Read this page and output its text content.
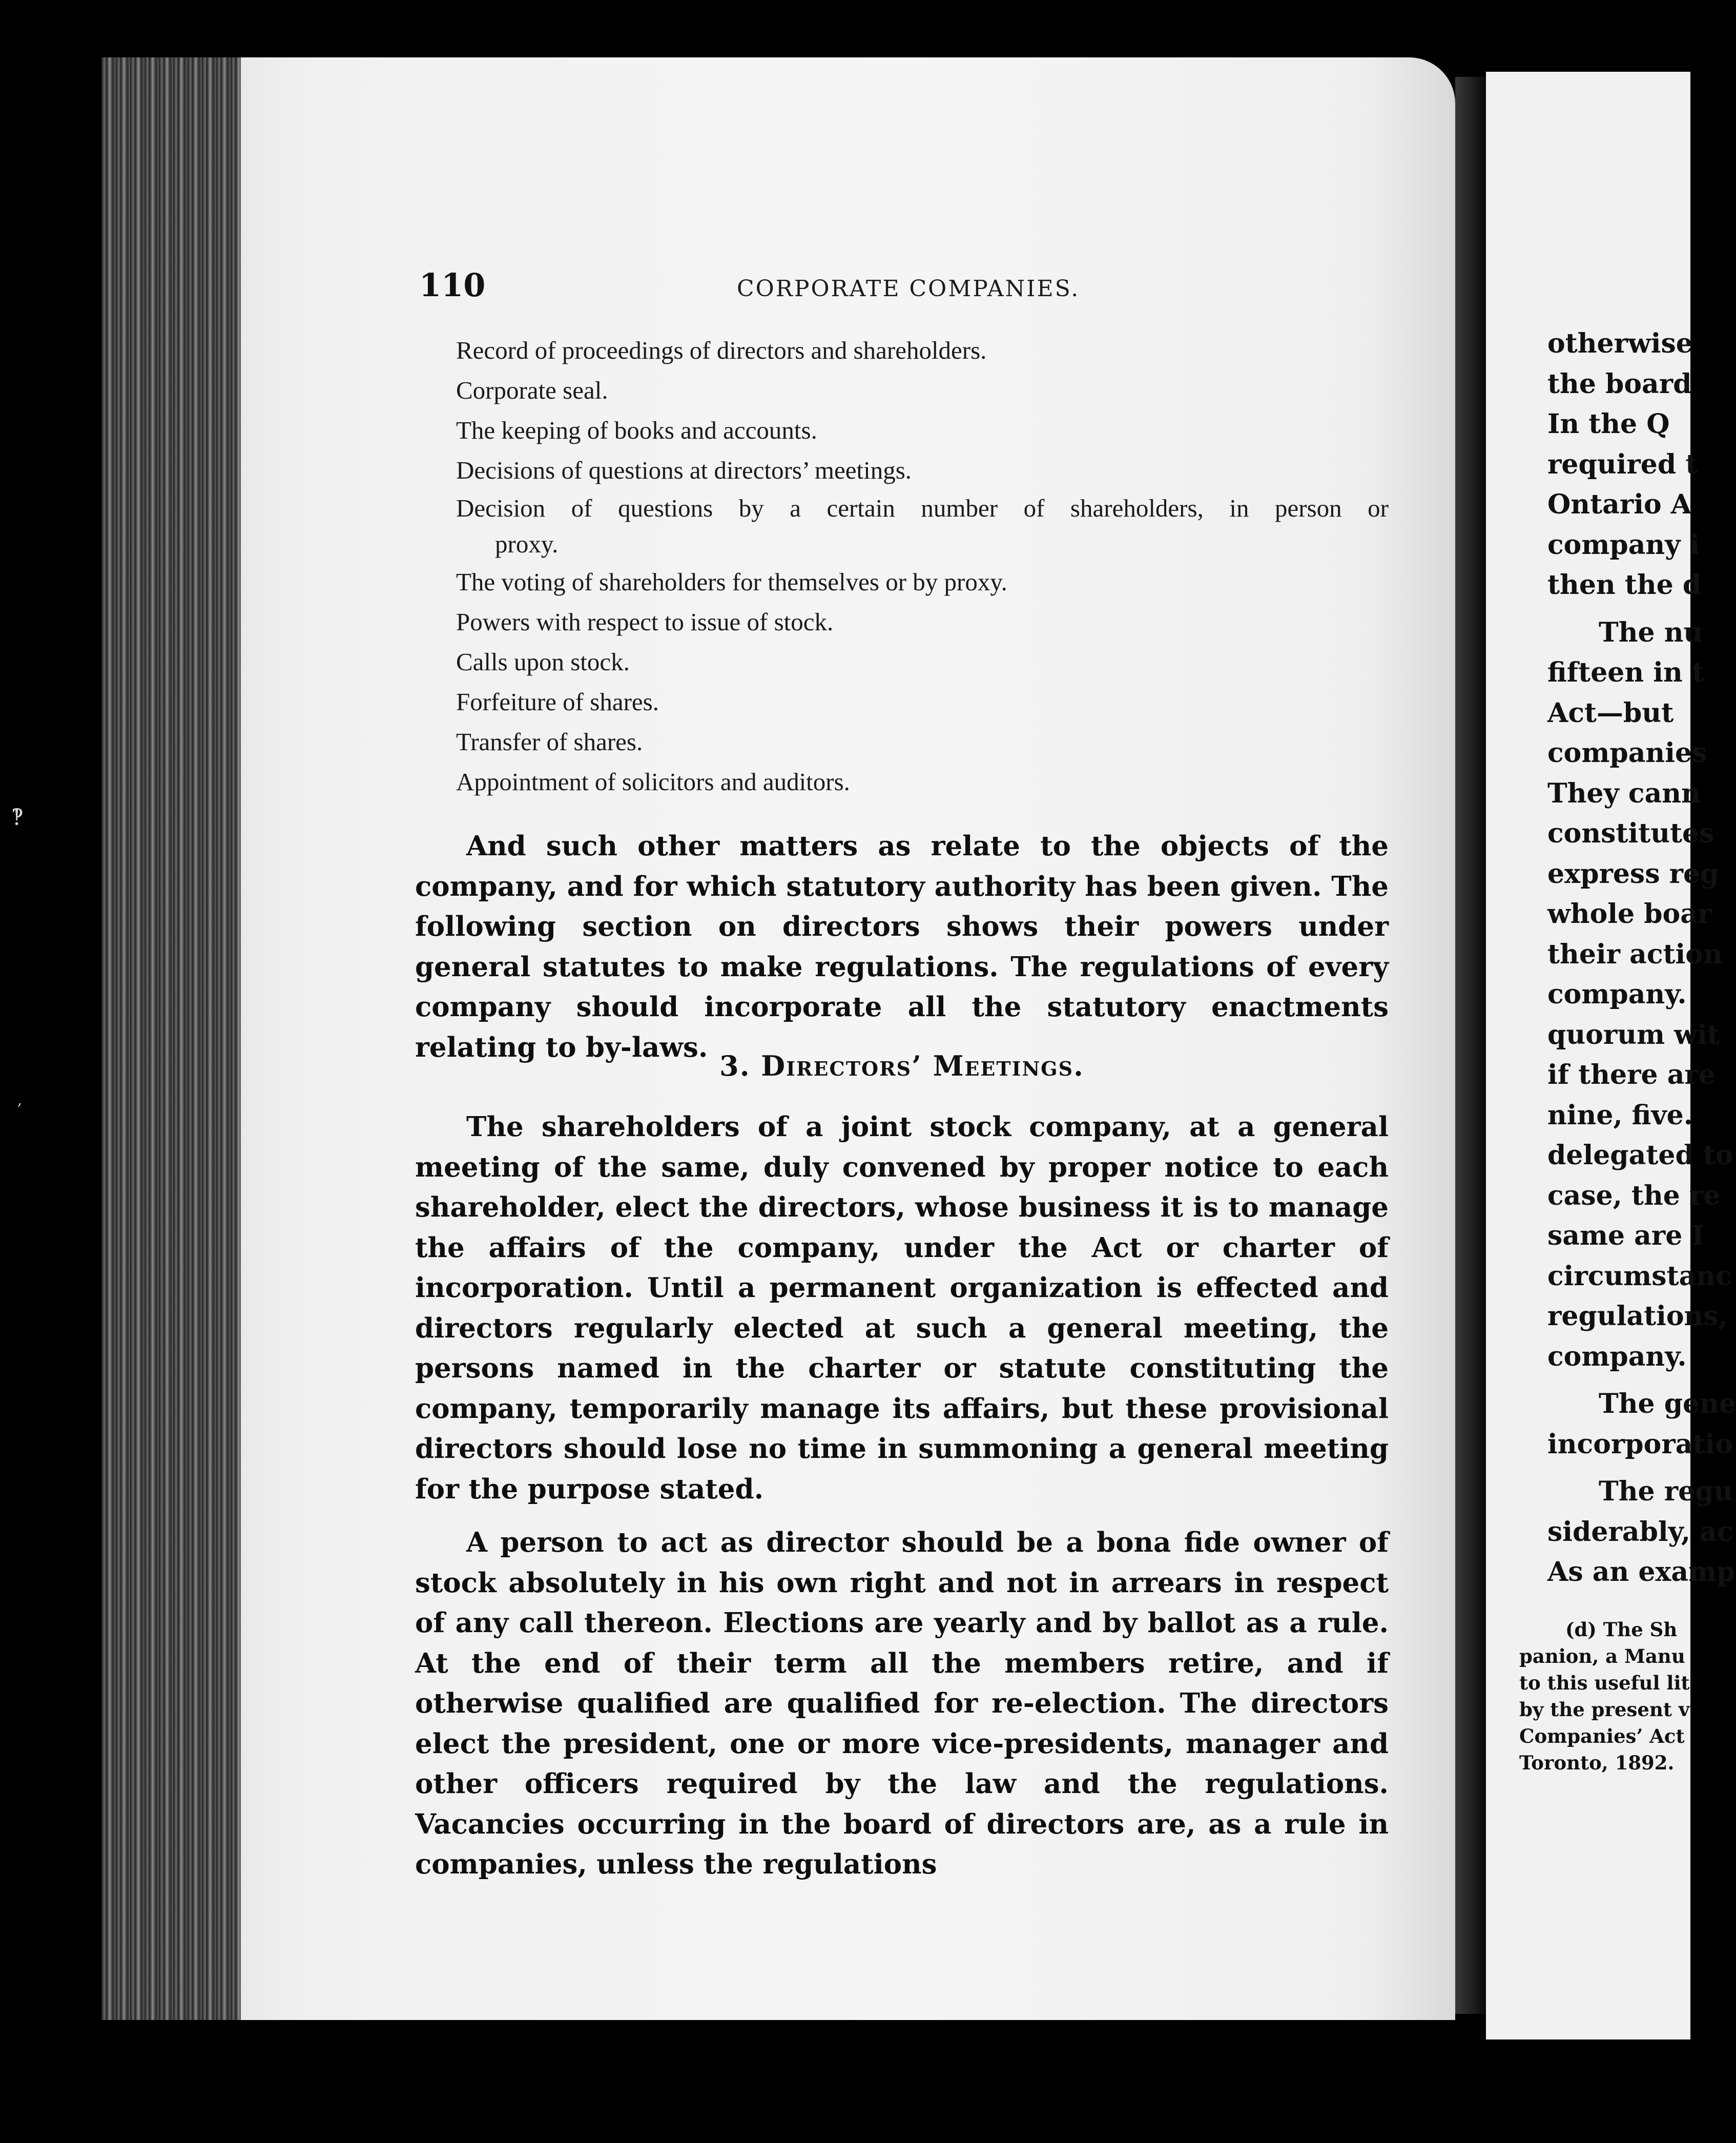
‽
,
110	CORPORATE COMPANIES.
Record of proceedings of directors and shareholders.
Corporate seal.
The keeping of books and accounts.
Decisions of questions at directors’ meetings.
Decision of questions by a certain number of shareholders, in person or
proxy.
The voting of shareholders for themselves or by proxy.
Powers with respect to issue of stock.
Calls upon stock.
Forfeiture of shares.
Transfer of shares.
Appointment of solicitors and auditors.

And such other matters as relate to the objects of the company, and for which statutory authority has been given. The following section on directors shows their powers under general statutes to make regulations. The regulations of every company should incorporate all the statutory enactments relating to by-laws.

3. Directors’ Meetings.

The shareholders of a joint stock company, at a general meeting of the same, duly convened by proper notice to each shareholder, elect the directors, whose business it is to manage the affairs of the company, under the Act or charter of incorporation. Until a permanent organization is effected and directors regularly elected at such a general meeting, the persons named in the charter or statute constituting the company, temporarily manage its affairs, but these provisional directors should lose no time in summoning a general meeting for the purpose stated.

A person to act as director should be a bona fide owner of stock absolutely in his own right and not in arrears in respect of any call thereon. Elections are yearly and by ballot as a rule. At the end of their term all the members retire, and if otherwise qualified are qualified for re-election. The directors elect the president, one or more vice-presidents, manager and other officers required by the law and the regulations. Vacancies occurring in the board of directors are, as a rule in companies, unless the regulations

otherwise
the board
In the Q
required t
Ontario A
company i
then the d
The nu
fifteen in t
Act—but
companies
They cann
constitutes
express reg
whole boar
their action
company.
quorum wit
if there are
nine, five.
delegated to
case, the re
same are I
circumstanc
regulations,
company.
The gene
incorporatio
The regu
siderably, ac
As an examp
(d) The Sh
panion, a Manu
to this useful lit
by the present v
Companies’ Act
Toronto, 1892.
